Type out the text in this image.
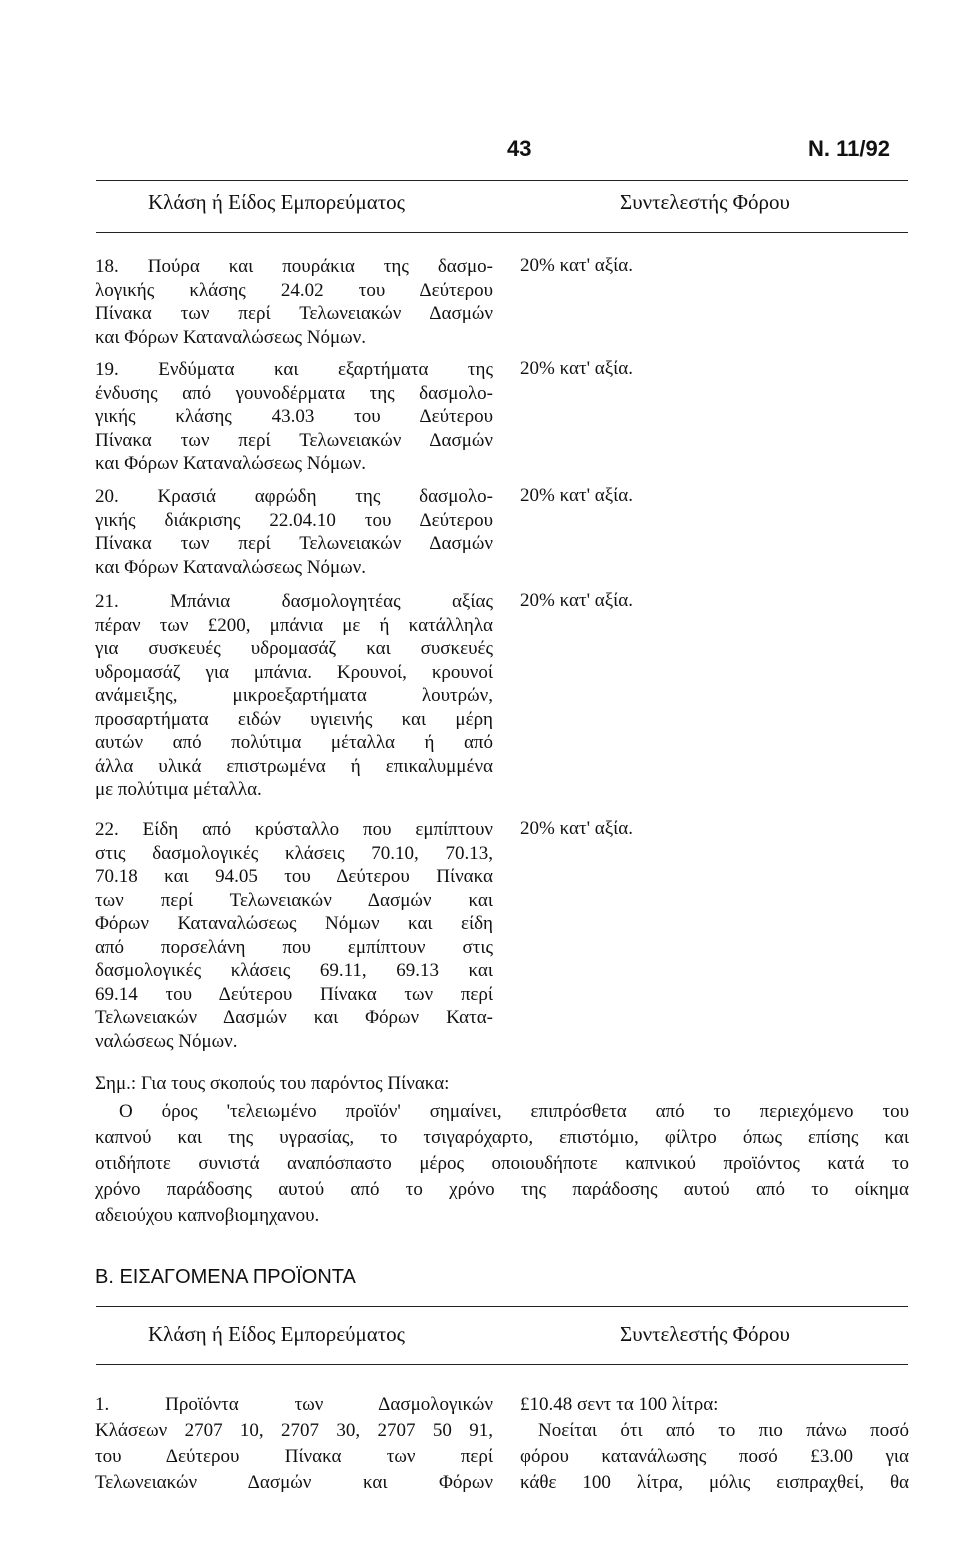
43	Ν. 11/92
Κλάση ή Είδος Εμπορεύματος	Συντελεστής Φόρου
18. Πούρα και πουράκια της δασμο-
λογικής κλάσης 24.02 του Δεύτερου
Πίνακα των περί Τελωνειακών Δασμών
και Φόρων Καταναλώσεως Νόμων.
20% κατ' αξία.
19. Ενδύματα και εξαρτήματα της
ένδυσης από γουνοδέρματα της δασμολο-
γικής κλάσης 43.03 του Δεύτερου
Πίνακα των περί Τελωνειακών Δασμών
και Φόρων Καταναλώσεως Νόμων.
20% κατ' αξία.
20. Κρασιά αφρώδη της δασμολο-
γικής διάκρισης 22.04.10 του Δεύτερου
Πίνακα των περί Τελωνειακών Δασμών
και Φόρων Καταναλώσεως Νόμων.
20% κατ' αξία.
21. Μπάνια δασμολογητέας αξίας
πέραν των £200, μπάνια με ή κατάλληλα
για συσκευές υδρομασάζ και συσκευές
υδρομασάζ για μπάνια. Κρουνοί, κρουνοί
ανάμειξης, μικροεξαρτήματα λουτρών,
προσαρτήματα ειδών υγιεινής και μέρη
αυτών από πολύτιμα μέταλλα ή από
άλλα υλικά επιστρωμένα ή επικαλυμμένα
με πολύτιμα μέταλλα.
20% κατ' αξία.
22. Είδη από κρύσταλλο που εμπίπτουν
στις δασμολογικές κλάσεις 70.10, 70.13,
70.18 και 94.05 του Δεύτερου Πίνακα
των περί Τελωνειακών Δασμών και
Φόρων Καταναλώσεως Νόμων και είδη
από πορσελάνη που εμπίπτουν στις
δασμολογικές κλάσεις 69.11, 69.13 και
69.14 του Δεύτερου Πίνακα των περί
Τελωνειακών Δασμών και Φόρων Κατα-
ναλώσεως Νόμων.
20% κατ' αξία.
Σημ.: Για τους σκοπούς του παρόντος Πίνακα:
Ο όρος 'τελειωμένο προϊόν' σημαίνει, επιπρόσθετα από το περιεχόμενο του
καπνού και της υγρασίας, το τσιγαρόχαρτο, επιστόμιο, φίλτρο όπως επίσης και
οτιδήποτε συνιστά αναπόσπαστο μέρος οποιουδήποτε καπνικού προϊόντος κατά το
χρόνο παράδοσης αυτού από το χρόνο της παράδοσης αυτού από το οίκημα
αδειούχου καπνοβιομηχανου.
Β. ΕΙΣΑΓΟΜΕΝΑ ΠΡΟΪΟΝΤΑ
Κλάση ή Είδος Εμπορεύματος	Συντελεστής Φόρου
1. Προϊόντα των Δασμολογικών
Κλάσεων 2707 10, 2707 30, 2707 50 91,
του Δεύτερου Πίνακα των περί
Τελωνειακών Δασμών και Φόρων
£10.48 σεντ τα 100 λίτρα:
Νοείται ότι από το πιο πάνω ποσό
φόρου κατανάλωσης ποσό £3.00 για
κάθε 100 λίτρα, μόλις εισπραχθεί, θα
